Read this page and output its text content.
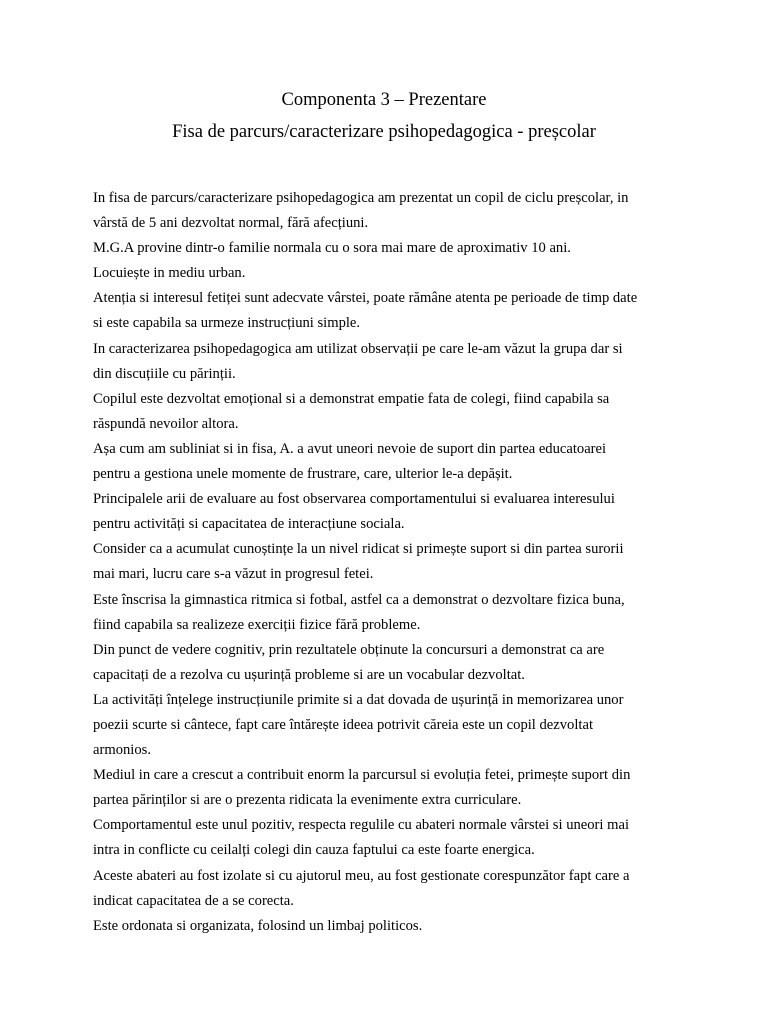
Componenta 3 – Prezentare
Fisa de parcurs/caracterizare psihopedagogica - preșcolar

In fisa de parcurs/caracterizare psihopedagogica am prezentat un copil de ciclu preșcolar, in
vârstă de 5 ani dezvoltat normal, fără afecțiuni.

M.G.A provine dintr-o familie normala cu o sora mai mare de aproximativ 10 ani.

Locuiește in mediu urban.

Atenția si interesul fetiței sunt adecvate vârstei, poate rămâne atenta pe perioade de timp date
si este capabila sa urmeze instrucțiuni simple.

In caracterizarea psihopedagogica am utilizat observații pe care le-am văzut la grupa dar si
din discuțiile cu părinții.

Copilul este dezvoltat emoțional si a demonstrat empatie fata de colegi, fiind capabila sa
răspundă nevoilor altora.

Așa cum am subliniat si in fisa, A. a avut uneori nevoie de suport din partea educatoarei
pentru a gestiona unele momente de frustrare, care, ulterior le-a depășit.

Principalele arii de evaluare au fost observarea comportamentului si evaluarea interesului
pentru activități si capacitatea de interacțiune sociala.

Consider ca a acumulat cunoștințe la un nivel ridicat si primește suport si din partea surorii
mai mari, lucru care s-a văzut in progresul fetei.

Este înscrisa la gimnastica ritmica si fotbal, astfel ca a demonstrat o dezvoltare fizica buna,
fiind capabila sa realizeze exerciții fizice fără probleme.

Din punct de vedere cognitiv, prin rezultatele obținute la concursuri a demonstrat ca are
capacitați de a rezolva cu ușurință probleme si are un vocabular dezvoltat.

La activități înțelege instrucțiunile primite si a dat dovada de ușurință in memorizarea unor
poezii scurte si cântece, fapt care întărește ideea potrivit căreia este un copil dezvoltat
armonios.

Mediul in care a crescut a contribuit enorm la parcursul si evoluția fetei, primește suport din
partea părinților si are o prezenta ridicata la evenimente extra curriculare.

Comportamentul este unul pozitiv, respecta regulile cu abateri normale vârstei si uneori mai
intra in conflicte cu ceilalți colegi din cauza faptului ca este foarte energica.

Aceste abateri au fost izolate si cu ajutorul meu, au fost gestionate corespunzător fapt care a
indicat capacitatea de a se corecta.

Este ordonata si organizata, folosind un limbaj politicos.
